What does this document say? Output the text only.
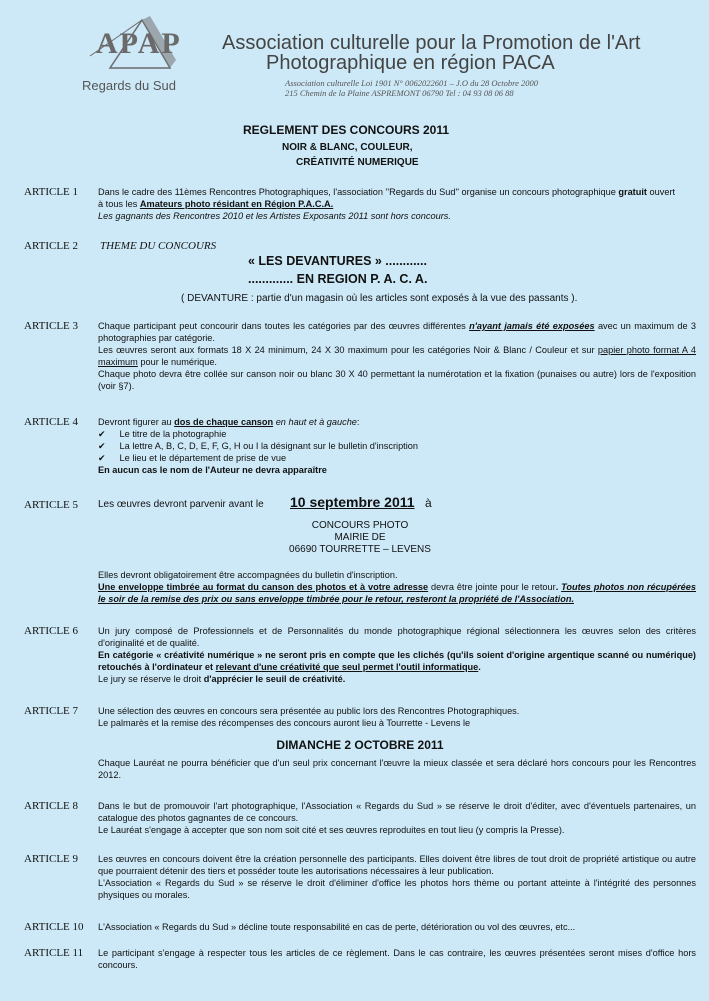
APAP
Regards du Sud
Association culturelle pour la Promotion de l'Art
Photographique en région PACA
Association culturelle Loi 1901 N° 0062022601 – J.O du 28 Octobre 2000
215 Chemin de la Plaine ASPREMONT 06790 Tel : 04 93 08 06 88
REGLEMENT DES CONCOURS 2011
NOIR & BLANC, COULEUR,
CRÉATIVITÉ NUMERIQUE
ARTICLE 1 Dans le cadre des 11èmes Rencontres Photographiques, l'association ''Regards du Sud'' organise un concours photographique gratuit ouvert
à tous les Amateurs photo résidant en Région P.A.C.A.
Les gagnants des Rencontres 2010 et les Artistes Exposants 2011 sont hors concours.
ARTICLE 2 THEME DU CONCOURS
« LES DEVANTURES » ............
............. EN REGION P. A. C. A.
( DEVANTURE : partie d'un magasin où les articles sont exposés à la vue des passants ).
ARTICLE 3 Chaque participant peut concourir dans toutes les catégories par des œuvres différentes n'ayant jamais été exposées avec un maximum de 3 photographies par catégorie.
Les œuvres seront aux formats 18 X 24 minimum, 24 X 30 maximum pour les catégories Noir & Blanc / Couleur et sur papier photo format A 4 maximum pour le numérique.
Chaque photo devra être collée sur canson noir ou blanc 30 X 40 permettant la numérotation et la fixation (punaises ou autre) lors de l'exposition (voir §7).
ARTICLE 4 Devront figurer au dos de chaque canson en haut et à gauche:
✔ Le titre de la photographie
✔ La lettre A, B, C, D, E, F, G, H ou I la désignant sur le bulletin d'inscription
✔ Le lieu et le département de prise de vue
En aucun cas le nom de l'Auteur ne devra apparaître
ARTICLE 5 Les œuvres devront parvenir avant le 10 septembre 2011 à
CONCOURS PHOTO
MAIRIE DE
06690 TOURRETTE – LEVENS
Elles devront obligatoirement être accompagnées du bulletin d'inscription.
Une enveloppe timbrée au format du canson des photos et à votre adresse devra être jointe pour le retour. Toutes photos non récupérées le soir de la remise des prix ou sans enveloppe timbrée pour le retour, resteront la propriété de l'Association.
ARTICLE 6 Un jury composé de Professionnels et de Personnalités du monde photographique régional sélectionnera les œuvres selon des critères d'originalité et de qualité.
En catégorie « créativité numérique » ne seront pris en compte que les clichés (qu'ils soient d'origine argentique scanné ou numérique) retouchés à l'ordinateur et relevant d'une créativité que seul permet l'outil informatique.
Le jury se réserve le droit d'apprécier le seuil de créativité.
ARTICLE 7 Une sélection des œuvres en concours sera présentée au public lors des Rencontres Photographiques.
Le palmarès et la remise des récompenses des concours auront lieu à Tourrette - Levens le
DIMANCHE 2 OCTOBRE 2011
Chaque Lauréat ne pourra bénéficier que d'un seul prix concernant l'œuvre la mieux classée et sera déclaré hors concours pour les Rencontres 2012.
ARTICLE 8 Dans le but de promouvoir l'art photographique, l'Association « Regards du Sud » se réserve le droit d'éditer, avec d'éventuels partenaires, un catalogue des photos gagnantes de ce concours.
Le Lauréat s'engage à accepter que son nom soit cité et ses œuvres reproduites en tout lieu (y compris la Presse).
ARTICLE 9 Les œuvres en concours doivent être la création personnelle des participants. Elles doivent être libres de tout droit de propriété artistique ou autre que pourraient détenir des tiers et posséder toute les autorisations nécessaires à leur publication.
L'Association « Regards du Sud » se réserve le droit d'éliminer d'office les photos hors thème ou portant atteinte à l'intégrité des personnes physiques ou morales.
ARTICLE 10 L'Association « Regards du Sud » décline toute responsabilité en cas de perte, détérioration ou vol des œuvres, etc...
ARTICLE 11 Le participant s'engage à respecter tous les articles de ce règlement. Dans le cas contraire, les œuvres présentées seront mises d'office hors concours.
